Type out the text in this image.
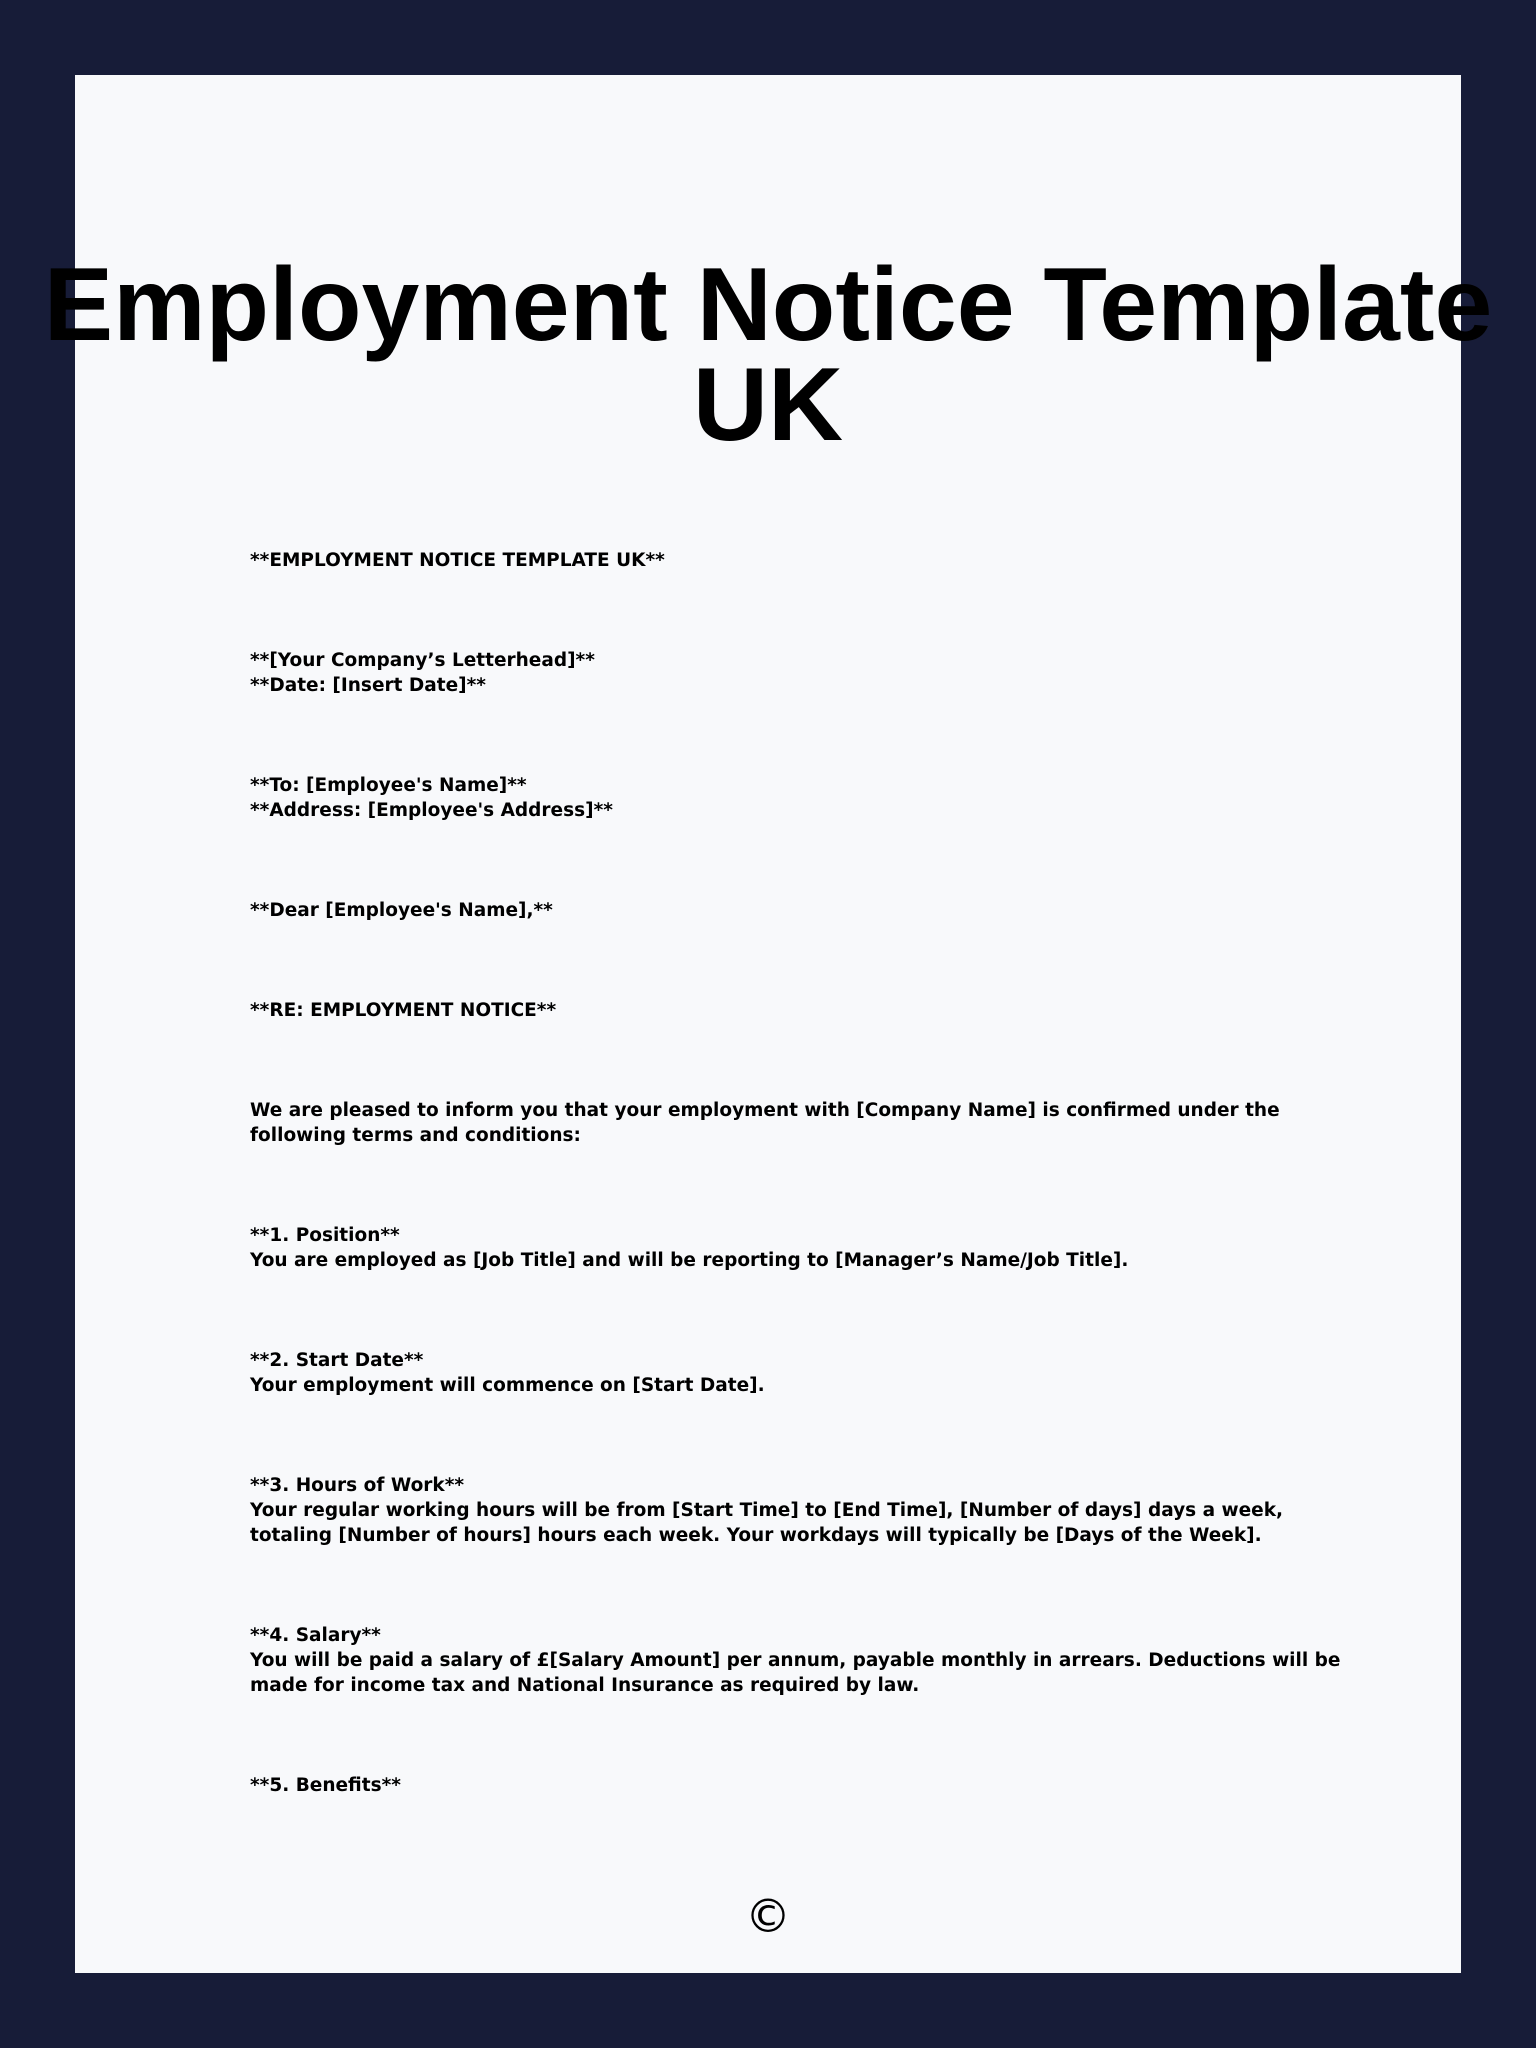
Employment Notice Template
UK

**EMPLOYMENT NOTICE TEMPLATE UK**

**[Your Company’s Letterhead]**
**Date: [Insert Date]**

**To: [Employee's Name]**
**Address: [Employee's Address]**

**Dear [Employee's Name],**

**RE: EMPLOYMENT NOTICE**

We are pleased to inform you that your employment with [Company Name] is confirmed under the following terms and conditions:

**1. Position**
You are employed as [Job Title] and will be reporting to [Manager’s Name/Job Title].

**2. Start Date**
Your employment will commence on [Start Date].

**3. Hours of Work**
Your regular working hours will be from [Start Time] to [End Time], [Number of days] days a week, totaling [Number of hours] hours each week. Your workdays will typically be [Days of the Week].

**4. Salary**
You will be paid a salary of £[Salary Amount] per annum, payable monthly in arrears. Deductions will be made for income tax and National Insurance as required by law.

**5. Benefits**

©
